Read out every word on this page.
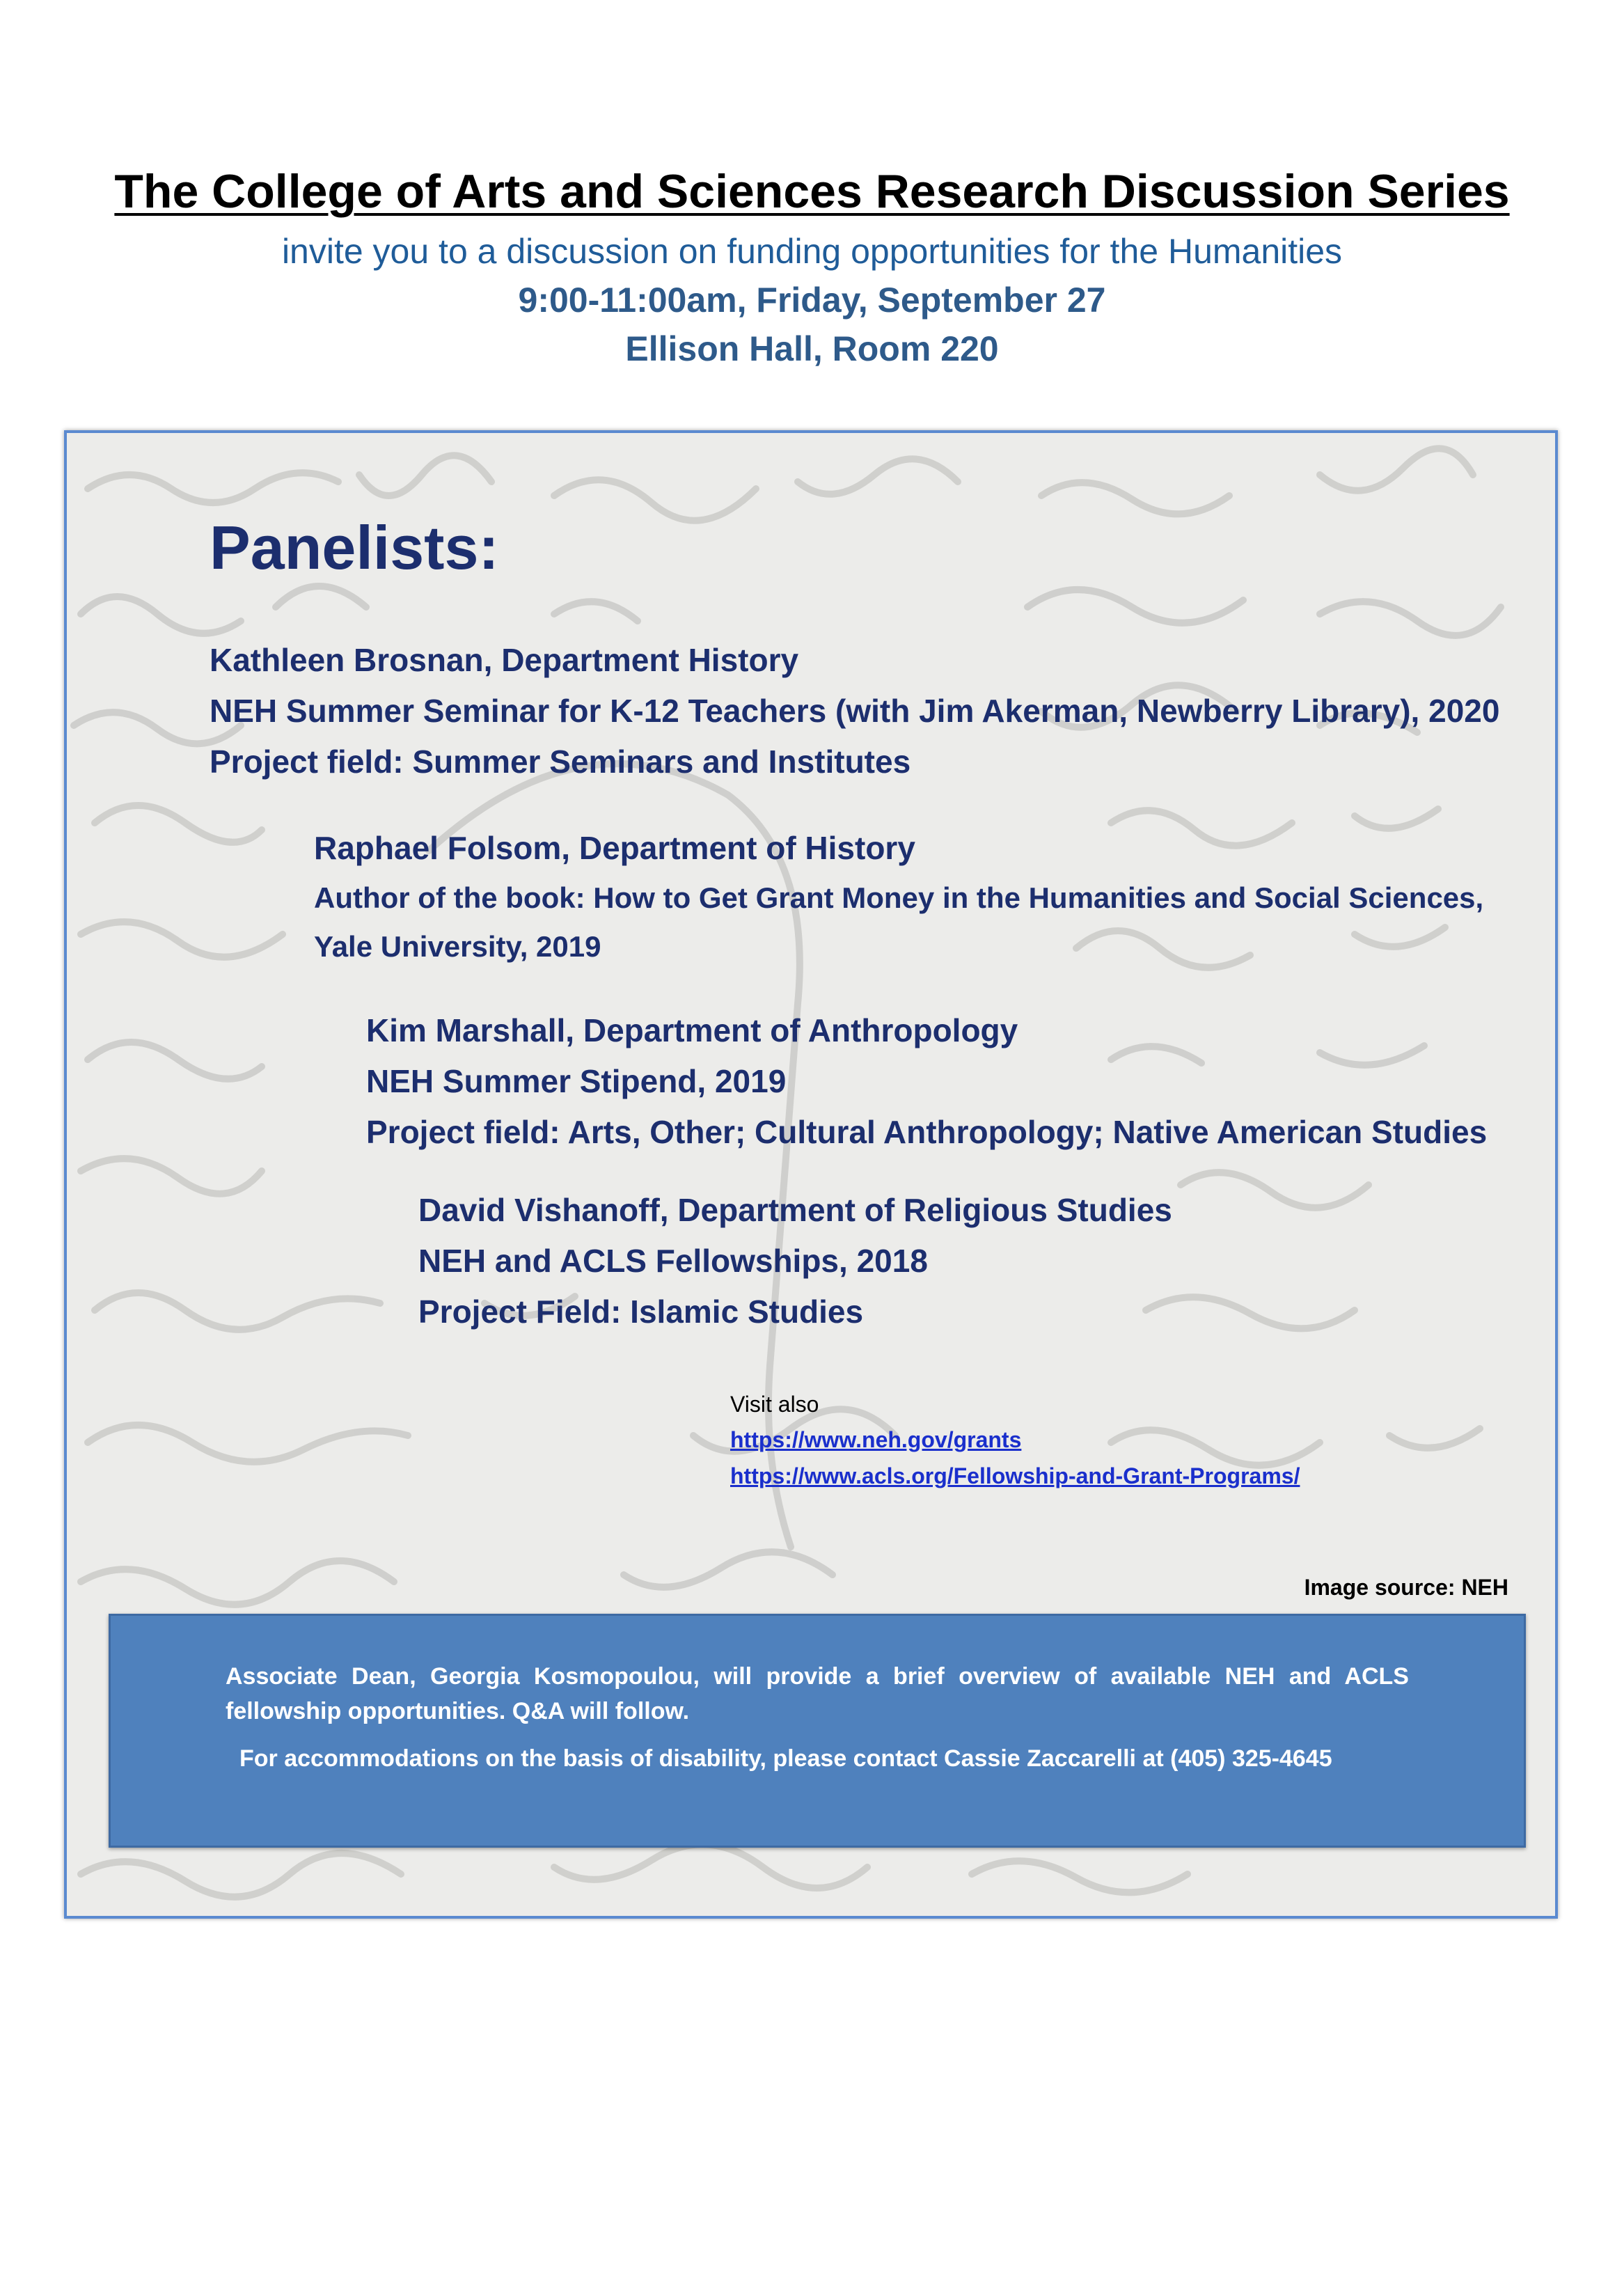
The College of Arts and Sciences Research Discussion Series
invite you to a discussion on funding opportunities for the Humanities
9:00-11:00am, Friday, September 27
Ellison Hall, Room 220
Panelists:
Kathleen Brosnan, Department History
NEH Summer Seminar for K-12 Teachers (with Jim Akerman, Newberry Library), 2020
Project field: Summer Seminars and Institutes
Raphael Folsom, Department of History
Author of the book: How to Get Grant Money in the Humanities and Social Sciences,
Yale University, 2019
Kim Marshall, Department of Anthropology
NEH Summer Stipend, 2019
Project field: Arts, Other; Cultural Anthropology; Native American Studies
David Vishanoff, Department of Religious Studies
NEH and ACLS Fellowships, 2018
Project Field: Islamic Studies
Visit also
https://www.neh.gov/grants
https://www.acls.org/Fellowship-and-Grant-Programs/
Image source: NEH
Associate Dean, Georgia Kosmopoulou, will provide a brief overview of available NEH and ACLS fellowship opportunities. Q&A will follow.
For accommodations on the basis of disability, please contact Cassie Zaccarelli at (405) 325-4645
